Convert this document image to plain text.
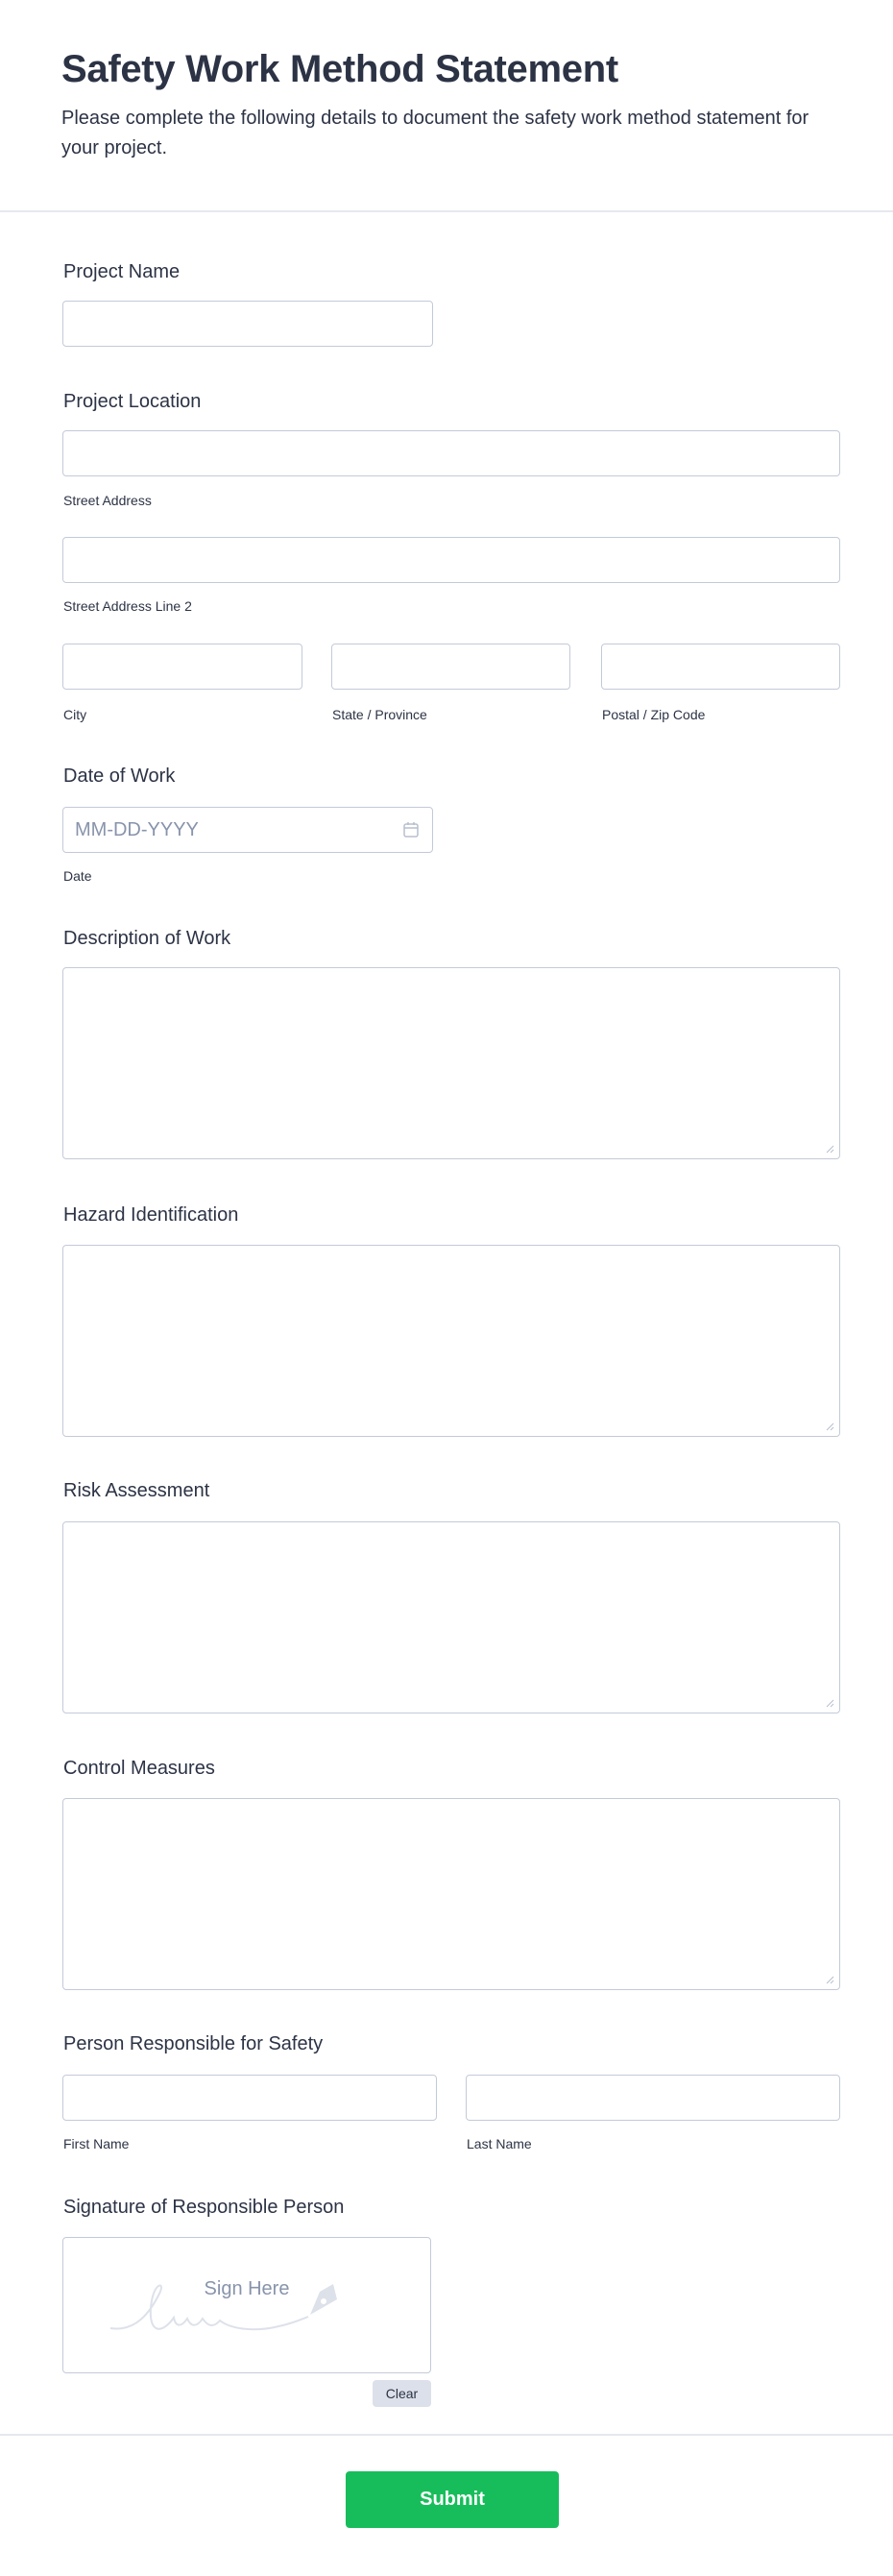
Safety Work Method Statement

Please complete the following details to document the safety work method statement for your project.

Project Name
Project Location
Street Address
Street Address Line 2
City	State / Province	Postal / Zip Code
Date of Work
MM-DD-YYYY
Date
Description of Work
Hazard Identification
Risk Assessment
Control Measures
Person Responsible for Safety
First Name	Last Name
Signature of Responsible Person
Sign Here
Clear
Submit
